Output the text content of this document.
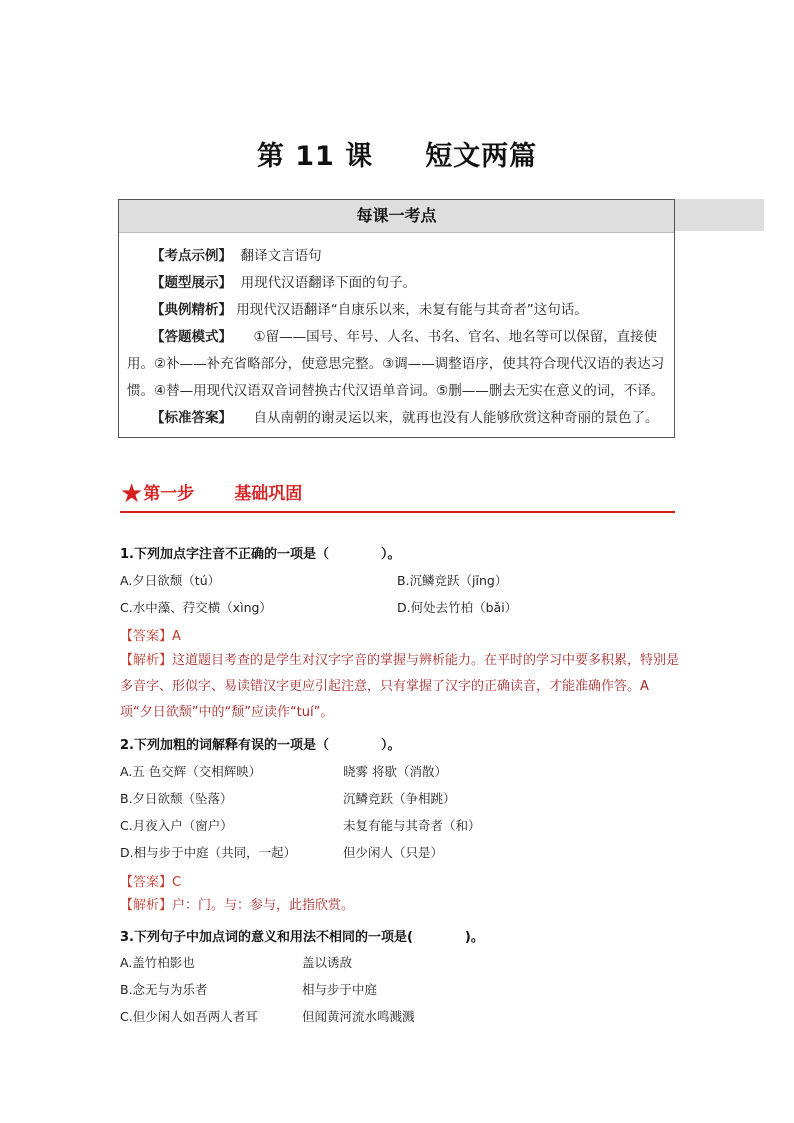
第 11 课 短文两篇
每课一考点

【考点示例】 翻译文言语句

【题型展示】 用现代汉语翻译下面的句子。

【典例精析】 用现代汉语翻译“自康乐以来，未复有能与其奇者”这句话。

【答题模式】 ①留——国号、年号、人名、书名、官名、地名等可以保留，直接使

用。②补——补充省略部分，使意思完整。③调——调整语序，使其符合现代汉语的表达习

惯。④替—用现代汉语双音词替换古代汉语单音词。⑤删——删去无实在意义的词，不译。

【标准答案】 自从南朝的谢灵运以来，就再也没有人能够欣赏这种奇丽的景色了。

★第一步 基础巩固
1.下列加点字注音不正确的一项是（　　　　）。
A.夕日欲颓（tú）	B.沉鳞竞跃（jīng）
C.水中藻、荇交横（xìng）	D.何处去竹柏（bǎi）
【答案】A
【解析】这道题目考查的是学生对汉字字音的掌握与辨析能力。在平时的学习中要多积累，特别是多音字、形似字、易读错汉字更应引起注意，只有掌握了汉字的正确读音，才能准确作答。A项“夕日欲颓”中的“颓”应读作“tuí”。
2.下列加粗的词解释有误的一项是（　　　　）。
A.五 色交辉（交相辉映）	晓雾 将歇（消散）
B.夕日欲颓（坠落）	沉鳞竞跃（争相跳）
C.月夜入户（窗户）	未复有能与其奇者（和）
D.相与步于中庭（共同，一起）	但少闲人（只是）
【答案】C
【解析】户：门。与：参与，此指欣赏。
3.下列句子中加点词的意义和用法不相同的一项是(　　　　)。
A.盖竹柏影也	盖以诱敌
B.念无与为乐者	相与步于中庭
C.但少闲人如吾两人者耳	但闻黄河流水鸣溅溅
